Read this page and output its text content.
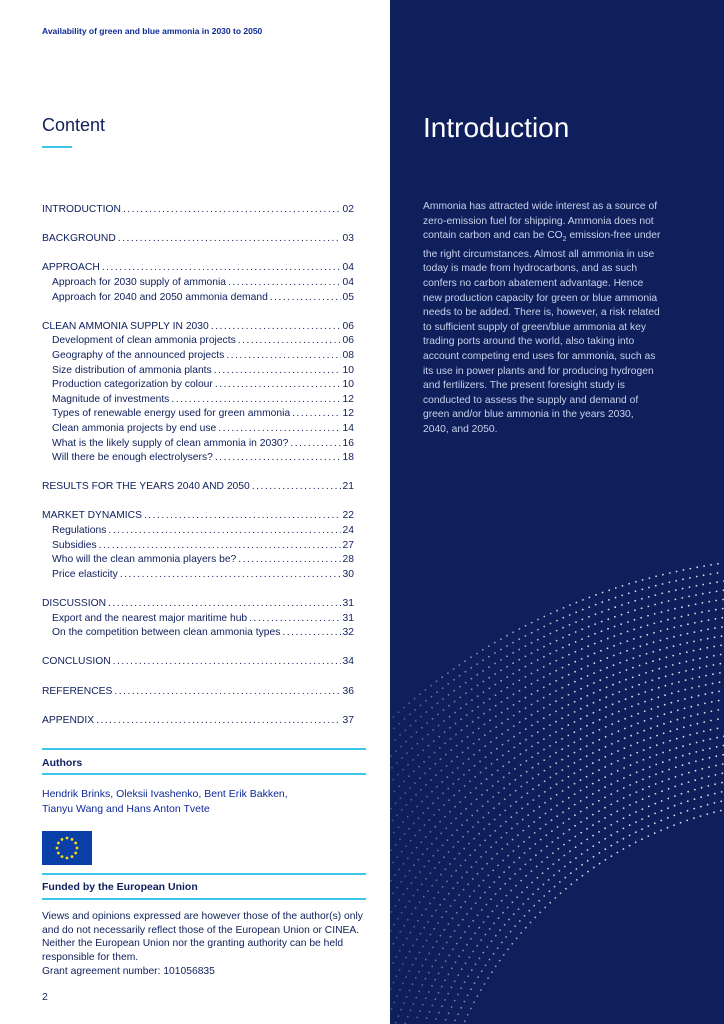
Availability of green and blue ammonia in 2030 to 2050
Content
INTRODUCTION .....	02
BACKGROUND .....	03
APPROACH .....	04
Approach for 2030 supply of ammonia .....	04
Approach for 2040 and 2050 ammonia demand .....	05
CLEAN AMMONIA SUPPLY IN 2030 .....	06
Development of clean ammonia projects .....	06
Geography of the announced projects .....	08
Size distribution of ammonia plants .....	10
Production categorization by colour .....	10
Magnitude of investments .....	12
Types of renewable energy used for green ammonia .....	12
Clean ammonia projects by end use .....	14
What is the likely supply of clean ammonia in 2030? .....	16
Will there be enough electrolysers? .....	18
RESULTS FOR THE YEARS 2040 AND 2050 .....	21
MARKET DYNAMICS .....	22
Regulations .....	24
Subsidies .....	27
Who will the clean ammonia players be? .....	28
Price elasticity .....	30
DISCUSSION .....	31
Export and the nearest major maritime hub .....	31
On the competition between clean ammonia types .....	32
CONCLUSION .....	34
REFERENCES .....	36
APPENDIX .....	37
Authors
Hendrik Brinks, Oleksii Ivashenko, Bent Erik Bakken,
Tianyu Wang and Hans Anton Tvete
Funded by the European Union
Views and opinions expressed are however those of the author(s) only and do not necessarily reflect those of the European Union or CINEA. Neither the European Union nor the granting authority can be held responsible for them.
Grant agreement number: 101056835
2
Introduction
Ammonia has attracted wide interest as a source of zero-emission fuel for shipping. Ammonia does not contain carbon and can be $CO_2$ emission-free under the right circumstances. Almost all ammonia in use today is made from hydrocarbons, and as such confers no carbon abatement advantage. Hence new production capacity for green or blue ammonia needs to be added. There is, however, a risk related to sufficient supply of green/blue ammonia at key trading ports around the world, also taking into account competing end uses for ammonia, such as its use in power plants and for producing hydrogen and fertilizers. The present foresight study is conducted to assess the supply and demand of green and/or blue ammonia in the years 2030, 2040, and 2050.
